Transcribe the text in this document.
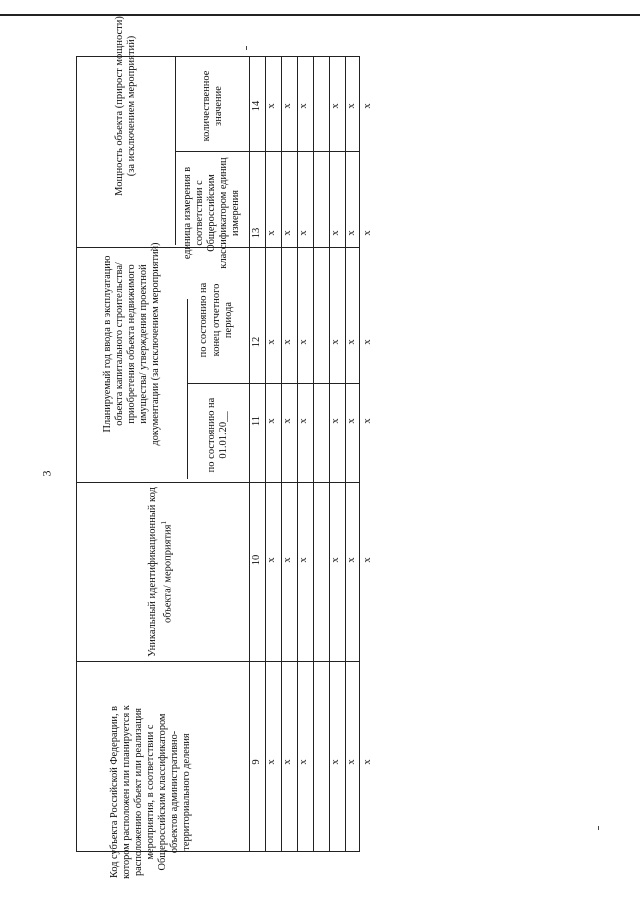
3
Код субъекта Российской Федерации, в котором расположен или планируется к расположению объект или реализация мероприятия, в соответствии с Общероссийским классификатором объектов административно-территориального деления
Уникальный идентификационный код объекта/ мероприятия$^1$
Планируемый год ввода в эксплуатацию объекта капитального строительства/ приобретения объекта недвижимого имущества/ утверждения проектной документации (за исключением мероприятий)	по состоянию на 01.01.20__
по состоянию на конец отчетного периода
Мощность объекта (прирост мощности) (за исключением мероприятий)
единица измерения в соответствии с Общероссийским классификатором единиц измерения
количественное значение
9
10
11
12
13
14
х
х
х
х
х
х
х
х
х
х
х
х
х
х
х
х
х
х
х
х
х
х
х
х
х
х
х
х
х
х
х
х
х
х
х
х
